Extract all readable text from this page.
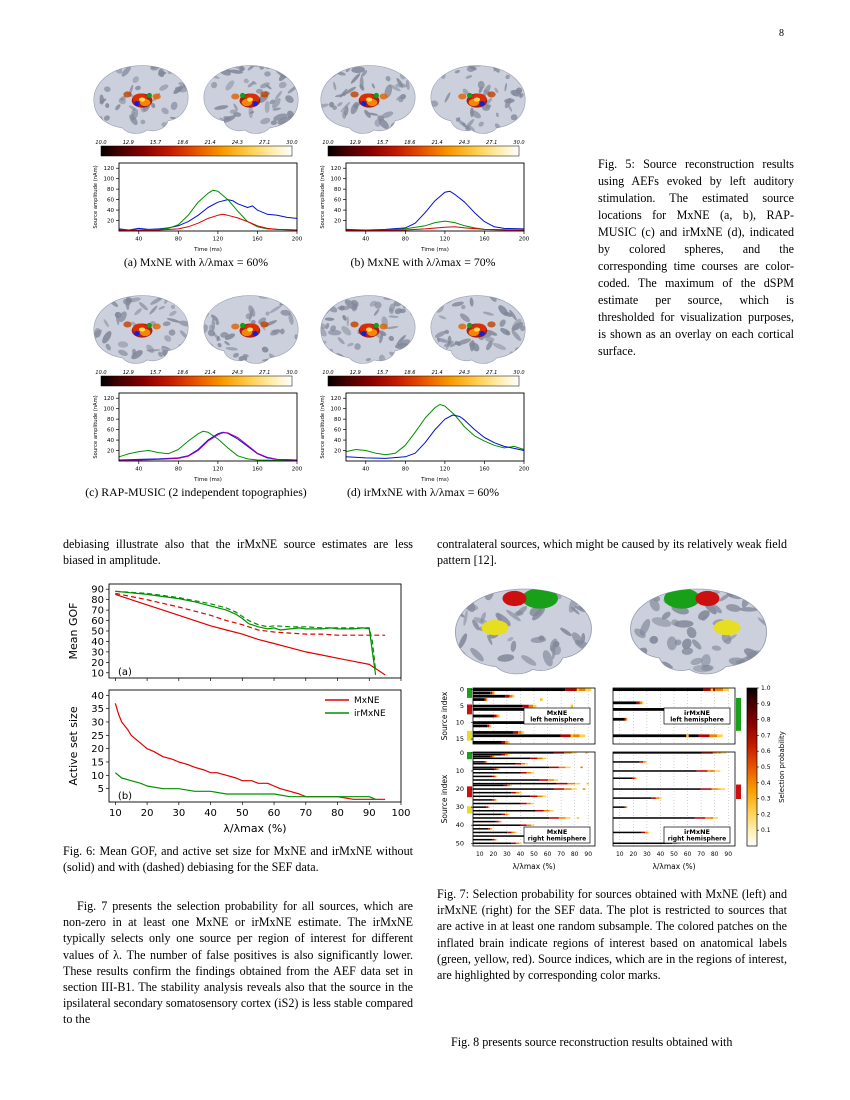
8
10.0	12.9	15.7	18.6	21.4	24.3	27.1	30.0
40	80	120	160	200
20
40
60
80
100
120
Source amplitude (nAm)
Time (ms)
(a) MxNE with λ/λmax = 60%
10.0	12.9	15.7	18.6	21.4	24.3	27.1	30.0
40	80	120	160	200
20
40
60
80
100
120
Source amplitude (nAm)
Time (ms)
(b) MxNE with λ/λmax = 70%
10.0	12.9	15.7	18.6	21.4	24.3	27.1	30.0
40	80	120	160	200
20
40
60
80
100
120
Source amplitude (nAm)
Time (ms)
(c) RAP-MUSIC (2 independent topographies)
10.0	12.9	15.7	18.6	21.4	24.3	27.1	30.0
40	80	120	160	200
20
40
60
80
100
120
Source amplitude (nAm)
Time (ms)
(d) irMxNE with λ/λmax = 60%
Fig. 5: Source reconstruction results using AEFs evoked by left auditory stimulation. The estimated source locations for MxNE (a, b), RAP-MUSIC (c) and irMxNE (d), indicated by colored spheres, and the corresponding time courses are color-coded. The maximum of the dSPM estimate per source, which is thresholded for visualization purposes, is shown as an overlay on each cortical surface.
debiasing illustrate also that the irMxNE source estimates are less biased in amplitude.
10
20
30
40
50
60
70
80
90
10 20 30 40 50 60 70 80 90 100
5
10
15
20
25
30
35
40
Mean GOF
Active set size
λ/λmax (%)
(a)
(b)
MxNE
irMxNE
Fig. 6: Mean GOF, and active set size for MxNE and irMxNE without (solid) and with (dashed) debiasing for the SEF data.
Fig. 7 presents the selection probability for all sources, which are non-zero in at least one MxNE or irMxNE estimate. The irMxNE typically selects only one source per region of interest for different values of λ. The number of false positives is also significantly lower. These results confirm the findings obtained from the AEF data set in section III-B1. The stability analysis reveals also that the source in the ipsilateral secondary somatosensory cortex (iS2) is less stable compared to the
contralateral sources, which might be caused by its relatively weak field pattern [12].
0
5
10
15
MxNE
left hemisphere
irMxNE
left hemisphere
0
10
20
30
40
50
MxNE
right hemisphere
irMxNE
right hemisphere
Source index
Source index
10 20 30 40 50 60 70 80 90
λ/λmax (%)
10 20 30 40 50 60 70 80 90
λ/λmax (%)
1.0
0.9
0.8
0.7
0.6
0.5
0.4
0.3
0.2
0.1
Selection probability
Fig. 7: Selection probability for sources obtained with MxNE (left) and irMxNE (right) for the SEF data. The plot is restricted to sources that are active in at least one random subsample. The colored patches on the inflated brain indicate regions of interest based on anatomical labels (green, yellow, red). Source indices, which are in the regions of interest, are highlighted by corresponding color marks.
Fig. 8 presents source reconstruction results obtained with
